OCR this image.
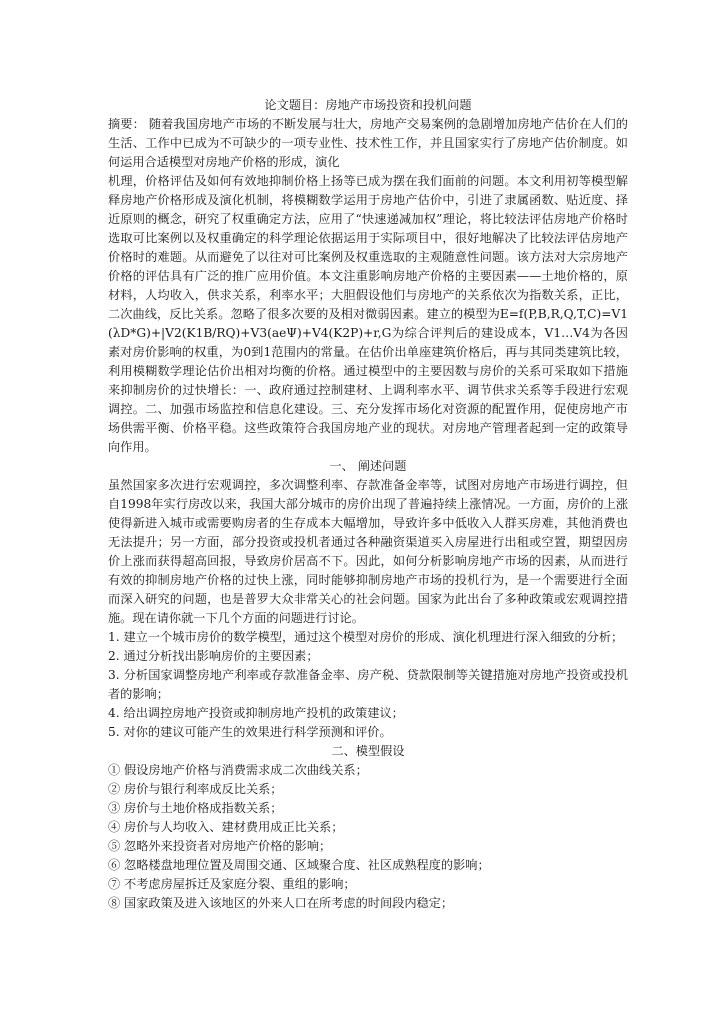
论文题目：房地产市场投资和投机问题

摘要： 随着我国房地产市场的不断发展与壮大，房地产交易案例的急剧增加房地产估价在人们的生活、工作中已成为不可缺少的一项专业性、技术性工作，并且国家实行了房地产估价制度。如何运用合适模型对房地产价格的形成，演化

机理，价格评估及如何有效地抑制价格上扬等已成为摆在我们面前的问题。本文利用初等模型解释房地产价格形成及演化机制，将模糊数学运用于房地产估价中，引进了隶属函数、贴近度、择近原则的概念，研究了权重确定方法，应用了“快速递减加权”理论，将比较法评估房地产价格时选取可比案例以及权重确定的科学理论依据运用于实际项目中，很好地解决了比较法评估房地产价格时的难题。从而避免了以往对可比案例及权重选取的主观随意性问题。该方法对大宗房地产价格的评估具有广泛的推广应用价值。本文注重影响房地产价格的主要因素——土地价格的，原材料，人均收入，供求关系，利率水平；大胆假设他们与房地产的关系依次为指数关系，正比，二次曲线，反比关系。忽略了很多次要的及相对微弱因素。建立的模型为E=f(P,B,R,Q,T,C)=V1(λD*G)+|V2(K1B/RQ)+V3(aeΨ)+V4(K2P)+r,G为综合评判后的建设成本，V1…V4为各因素对房价影响的权重，为0到1范围内的常量。在估价出单座建筑价格后，再与其同类建筑比较，利用模糊数学理论估价出相对均衡的价格。通过模型中的主要因数与房价的关系可采取如下措施来抑制房价的过快增长：一、政府通过控制建材、上调利率水平、调节供求关系等手段进行宏观调控。二、加强市场监控和信息化建设。三、充分发挥市场化对资源的配置作用，促使房地产市场供需平衡、价格平稳。这些政策符合我国房地产业的现状。对房地产管理者起到一定的政策导向作用。

一、 阐述问题

虽然国家多次进行宏观调控，多次调整利率、存款准备金率等，试图对房地产市场进行调控，但自1998年实行房改以来，我国大部分城市的房价出现了普遍持续上涨情况。一方面，房价的上涨使得新进入城市或需要购房者的生存成本大幅增加，导致许多中低收入人群买房难，其他消费也无法提升；另一方面，部分投资或投机者通过各种融资渠道买入房屋进行出租或空置，期望因房价上涨而获得超高回报，导致房价居高不下。因此，如何分析影响房地产市场的因素，从而进行有效的抑制房地产价格的过快上涨，同时能够抑制房地产市场的投机行为，是一个需要进行全面而深入研究的问题，也是普罗大众非常关心的社会问题。国家为此出台了多种政策或宏观调控措施。现在请你就一下几个方面的问题进行讨论。

1. 建立一个城市房价的数学模型，通过这个模型对房价的形成、演化机理进行深入细致的分析；

2. 通过分析找出影响房价的主要因素；

3. 分析国家调整房地产利率或存款准备金率、房产税、贷款限制等关键措施对房地产投资或投机者的影响；

4. 给出调控房地产投资或抑制房地产投机的政策建议；

5. 对你的建议可能产生的效果进行科学预测和评价。

二、模型假设

① 假设房地产价格与消费需求成二次曲线关系；

② 房价与银行利率成反比关系；

③ 房价与土地价格成指数关系；

④ 房价与人均收入、建材费用成正比关系；

⑤ 忽略外来投资者对房地产价格的影响；

⑥ 忽略楼盘地理位置及周围交通、区域聚合度、社区成熟程度的影响；

⑦ 不考虑房屋拆迁及家庭分裂、重组的影响；

⑧ 国家政策及进入该地区的外来人口在所考虑的时间段内稳定；
